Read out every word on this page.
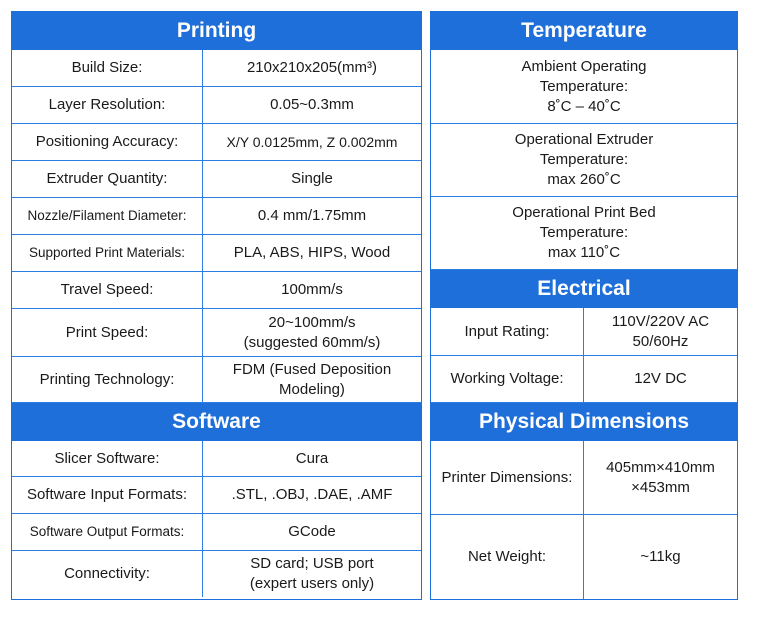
Printing
Build Size:	210x210x205(mm³)
Layer Resolution:	0.05~0.3mm
Positioning Accuracy:	X/Y 0.0125mm, Z 0.002mm
Extruder Quantity:	Single
Nozzle/Filament Diameter:	0.4 mm/1.75mm
Supported Print Materials:	PLA, ABS, HIPS, Wood
Travel Speed:	100mm/s
Print Speed:
20~100mm/s
(suggested 60mm/s)
Printing Technology:
FDM (Fused Deposition
Modeling)
Software
Slicer Software:	Cura
Software Input Formats:	.STL, .OBJ, .DAE, .AMF
Software Output Formats:	GCode
Connectivity:
SD card; USB port
(expert users only)
Temperature
Ambient Operating
Temperature:
8˚C – 40˚C
Operational Extruder
Temperature:
max 260˚C
Operational Print Bed
Temperature:
max 110˚C
Electrical
Input Rating:
110V/220V AC
50/60Hz
Working Voltage:	12V DC
Physical Dimensions
Printer Dimensions:
405mm×410mm
×453mm
Net Weight:	~11kg
